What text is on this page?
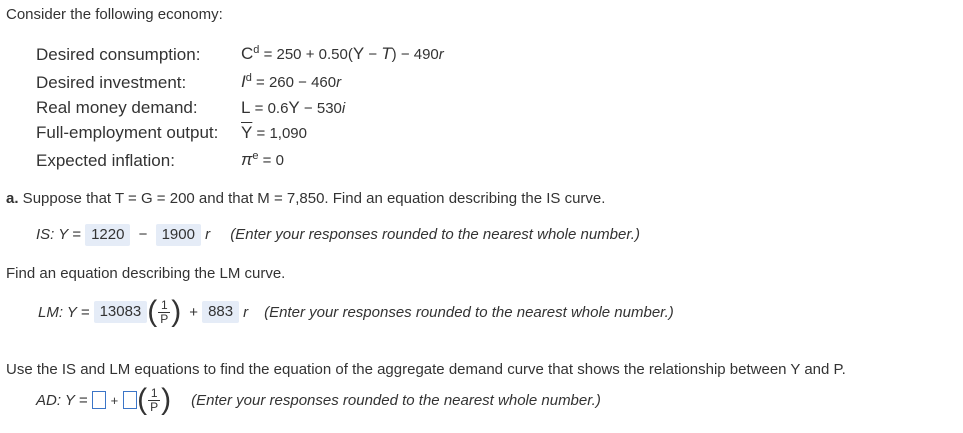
Consider the following economy:
Desired consumption:
Desired investment:
Real money demand:
Full-employment output:
Expected inflation:
$C^d = 250 + 0.50(Y - T) - 490r$
$I^d = 260 - 460r$
L = 0.6Y − 530i
$\overline{Y} = 1,090$
$\pi^e = 0$
a. Suppose that T = G = 200 and that M = 7,850. Find an equation describing the IS curve.
IS: Y = 1220 − 1900 r (Enter your responses rounded to the nearest whole number.)
Find an equation describing the LM curve.
LM: Y = 13083 ( $\frac{1}{P}$ ) + 883 r (Enter your responses rounded to the nearest whole number.)
Use the IS and LM equations to find the equation of the aggregate demand curve that shows the relationship between Y and P.
AD: Y = + ( $\frac{1}{P}$ ) (Enter your responses rounded to the nearest whole number.)
